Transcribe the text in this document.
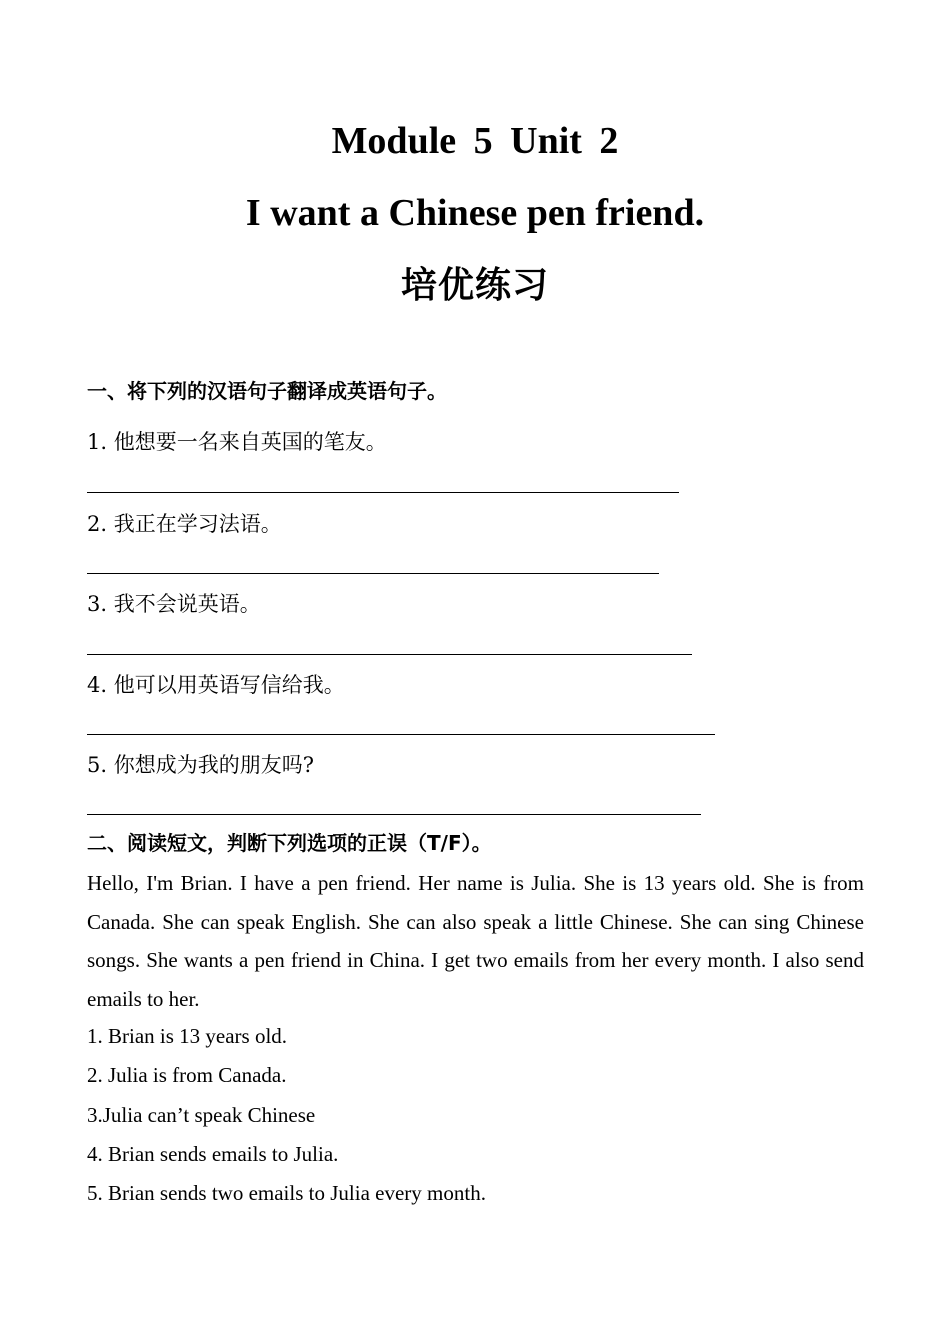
Module 5 Unit 2
I want a Chinese pen friend.
培优练习
一、将下列的汉语句子翻译成英语句子。
1. 他想要一名来自英国的笔友。
2. 我正在学习法语。
3. 我不会说英语。
4. 他可以用英语写信给我。
5. 你想成为我的朋友吗?
二、阅读短文，判断下列选项的正误（T/F）。
Hello, I'm Brian. I have a pen friend. Her name is Julia. She is 13 years old. She is from Canada. She can speak English. She can also speak a little Chinese. She can sing Chinese songs. She wants a pen friend in China. I get two emails from her every month. I also send emails to her.
1. Brian is 13 years old.
2. Julia is from Canada.
3.Julia can’t speak Chinese
4. Brian sends emails to Julia.
5. Brian sends two emails to Julia every month.
